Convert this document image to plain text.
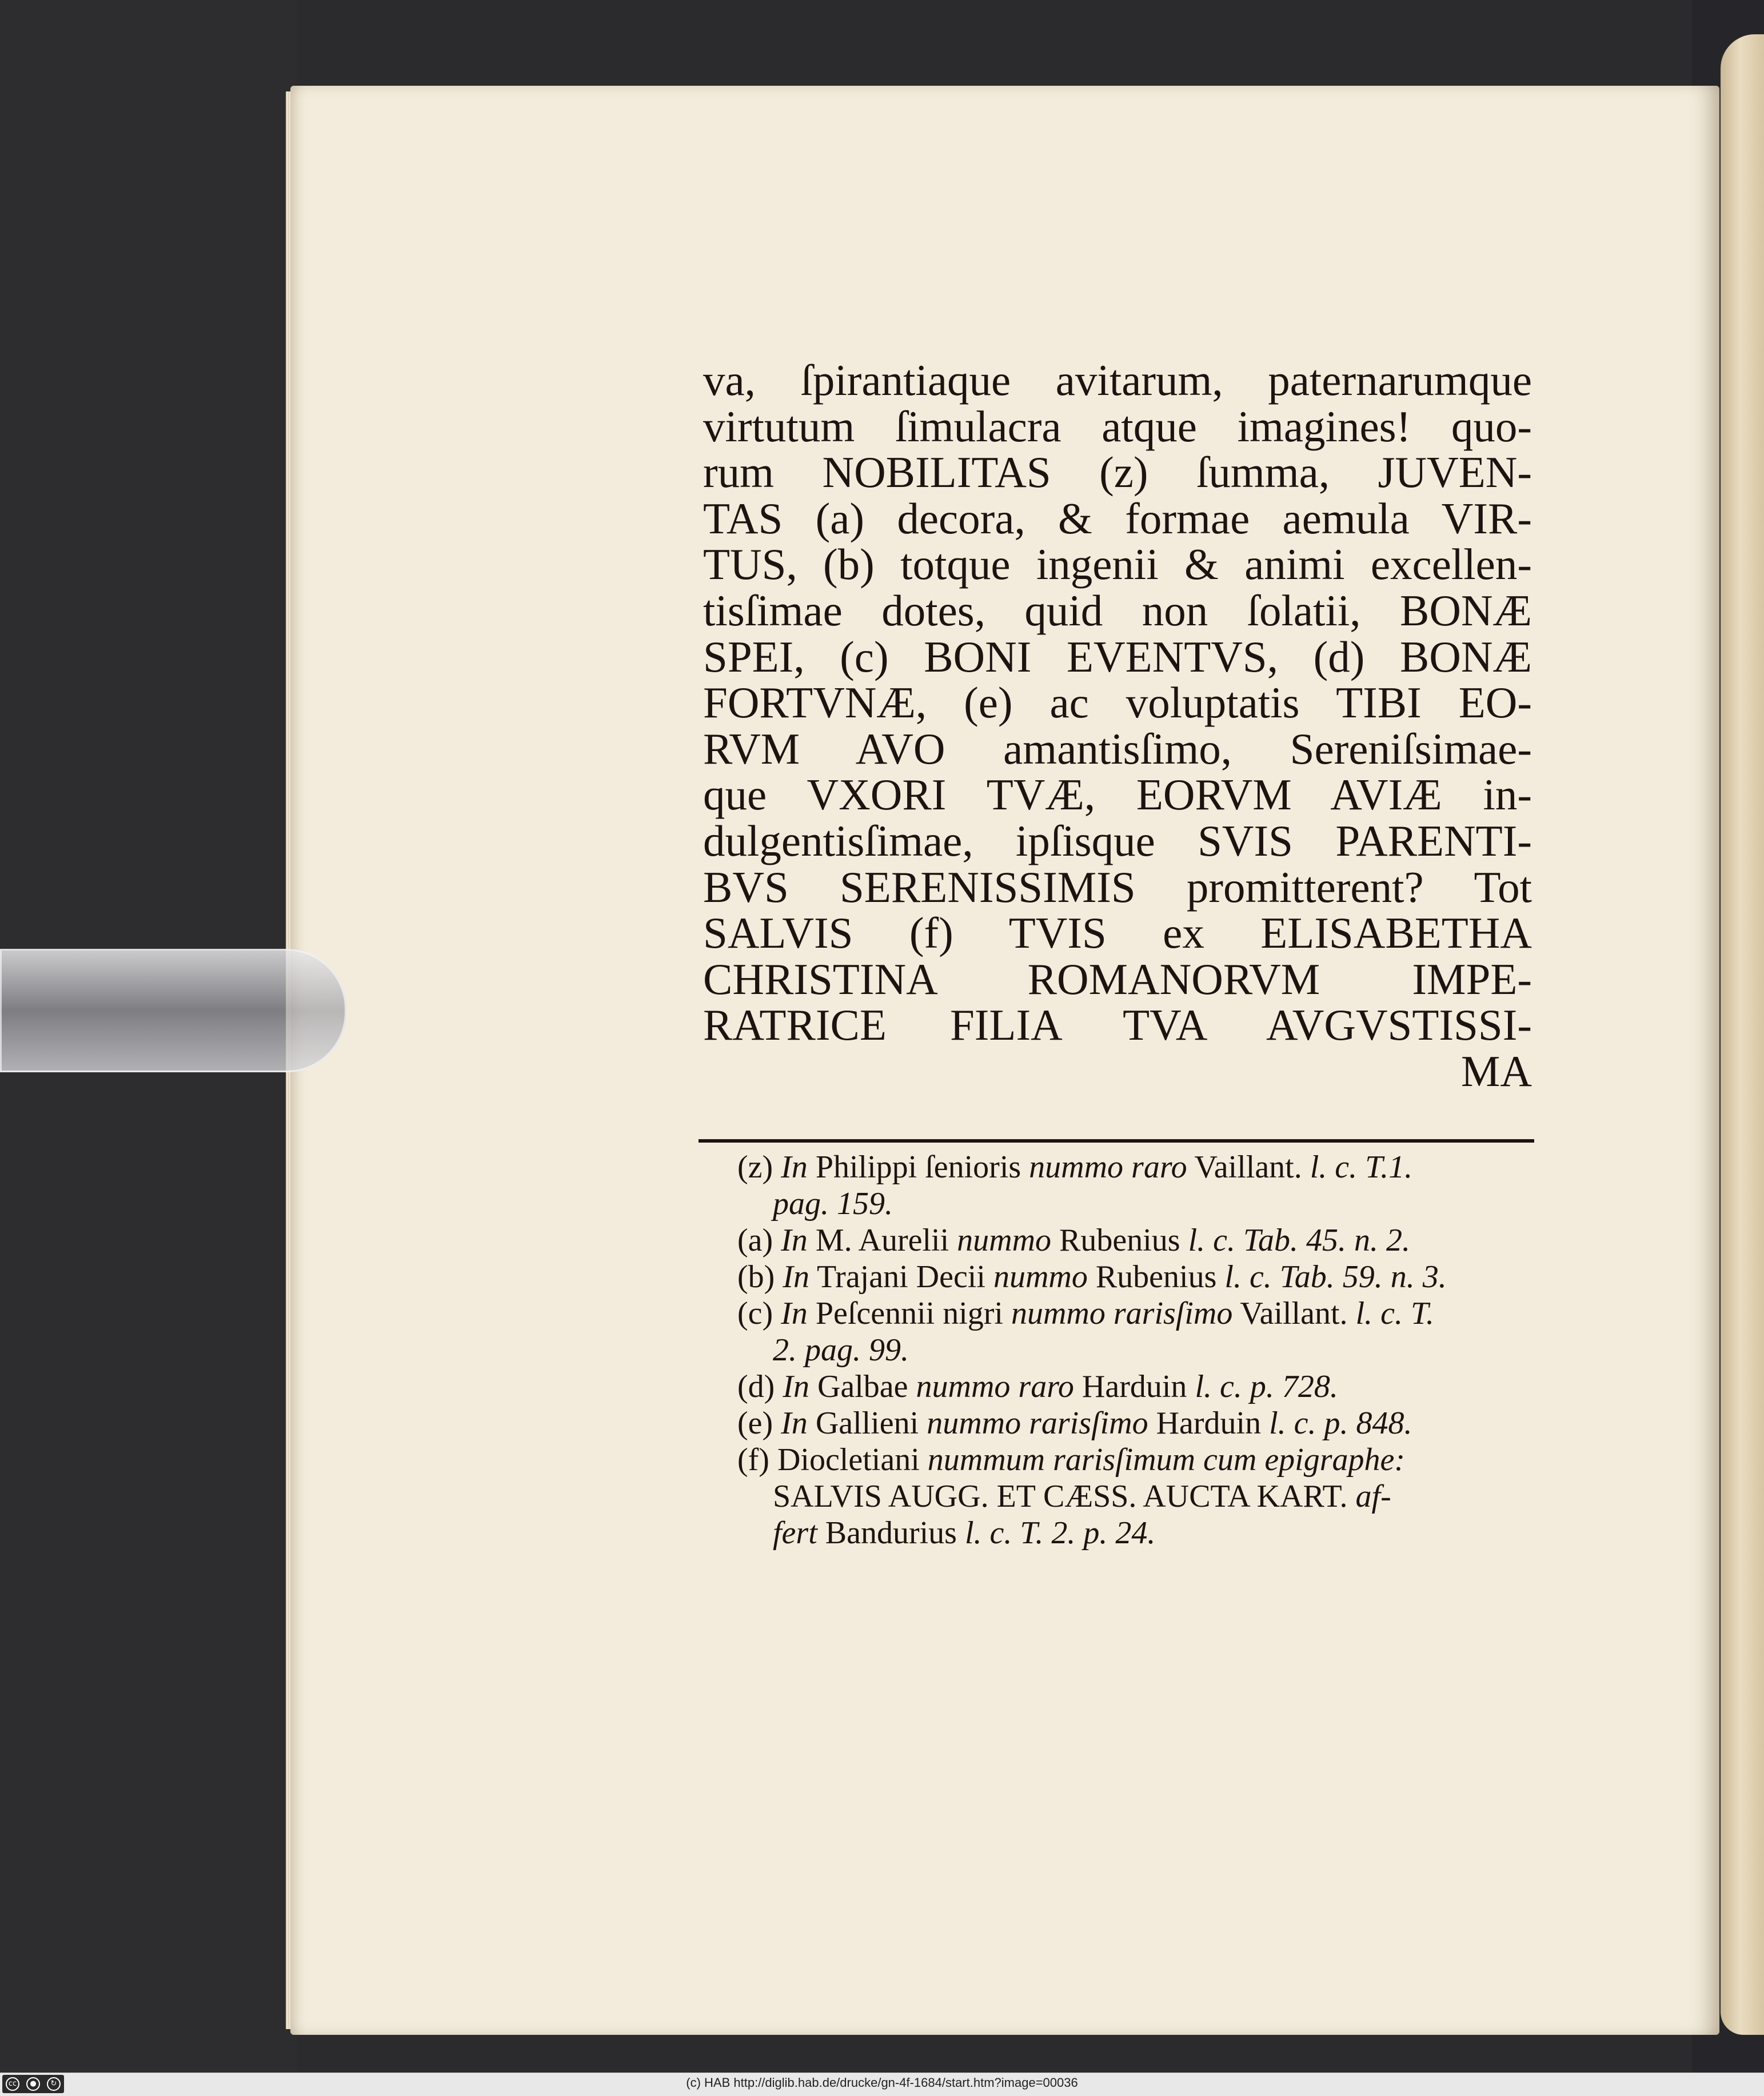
va, ſpirantiaque avitarum, paternarumque
virtutum ſimulacra atque imagines! quo-
rum NOBILITAS (z) ſumma, JUVEN-
TAS (a) decora, & formae aemula VIR-
TUS, (b) totque ingenii & animi excellen-
tisſimae dotes, quid non ſolatii, BONÆ
SPEI, (c) BONI EVENTVS, (d) BONÆ
FORTVNÆ, (e) ac voluptatis TIBI EO-
RVM AVO amantisſimo, Sereniſsimae-
que VXORI TVÆ, EORVM AVIÆ in-
dulgentisſimae, ipſisque SVIS PARENTI-
BVS SERENISSIMIS promitterent? Tot
SALVIS (f) TVIS ex ELISABETHA
CHRISTINA ROMANORVM IMPE-
RATRICE FILIA TVA AVGVSTISSI-
MA
(z) In Philippi ſenioris nummo raro Vaillant. l. c. T.1.
pag. 159.
(a) In M. Aurelii nummo Rubenius l. c. Tab. 45. n. 2.
(b) In Trajani Decii nummo Rubenius l. c. Tab. 59. n. 3.
(c) In Peſcennii nigri nummo rarisſimo Vaillant. l. c. T.
2. pag. 99.
(d) In Galbae nummo raro Harduin l. c. p. 728.
(e) In Gallieni nummo rarisſimo Harduin l. c. p. 848.
(f) Diocletiani nummum rarisſimum cum epigraphe:
SALVIS AUGG. ET CÆSS. AUCTA KART. af-
fert Bandurius l. c. T. 2. p. 24.
cc	●	↻	(c) HAB http://diglib.hab.de/drucke/gn-4f-1684/start.htm?image=00036
